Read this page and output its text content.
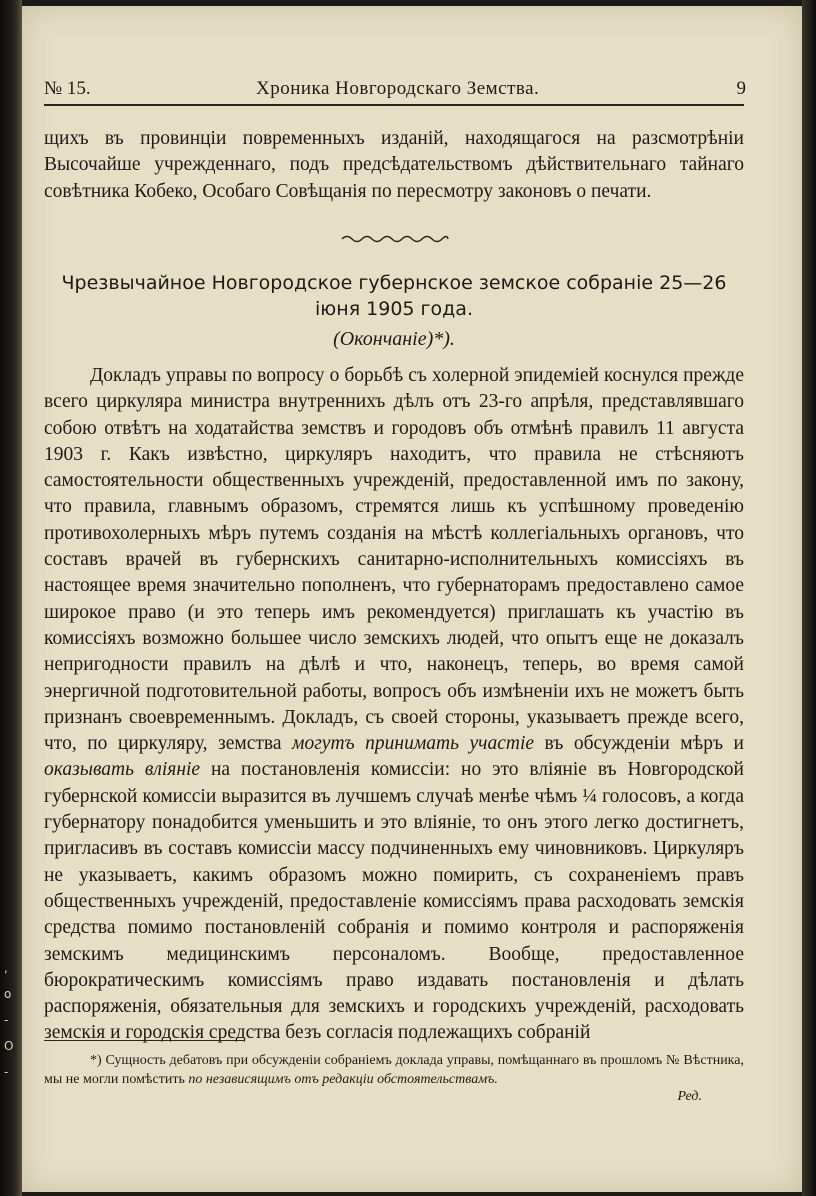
,
о
-
О
-
№ 15.	Хроника Новгородскаго Земства.	9
щихъ въ провинціи повременныхъ изданій, находящагося на разсмотрѣніи Высочайше учрежденнаго, подъ предсѣдательствомъ дѣйствительнаго тайнаго совѣтника Кобеко, Особаго Совѣщанія по пересмотру законовъ о печати.
Чрезвычайное Новгородское губернское земское собраніе 25—26 іюня 1905 года.
(Окончаніе)*).
Докладъ управы по вопросу о борьбѣ съ холерной эпидеміей коснулся прежде всего циркуляра министра внутреннихъ дѣлъ отъ 23-го апрѣля, представлявшаго собою отвѣтъ на ходатайства земствъ и городовъ объ отмѣнѣ правилъ 11 августа 1903 г. Какъ извѣстно, циркуляръ находитъ, что правила не стѣсняютъ самостоятельности общественныхъ учрежденій, предоставленной имъ по закону, что правила, главнымъ образомъ, стремятся лишь къ успѣшному проведенію противохолерныхъ мѣръ путемъ созданія на мѣстѣ коллегіальныхъ органовъ, что составъ врачей въ губернскихъ санитарно-исполнительныхъ комиссіяхъ въ настоящее время значительно пополненъ, что губернаторамъ предоставлено самое широкое право (и это теперь имъ рекомендуется) приглашать къ участію въ комиссіяхъ возможно большее число земскихъ людей, что опытъ еще не доказалъ непригодности правилъ на дѣлѣ и что, наконецъ, теперь, во время самой энергичной подготовительной работы, вопросъ объ измѣненіи ихъ не можетъ быть признанъ своевременнымъ. Докладъ, съ своей стороны, указываетъ прежде всего, что, по циркуляру, земства могутъ принимать участіе въ обсужденіи мѣръ и оказывать вліяніе на постановленія комиссіи: но это вліяніе въ Новгородской губернской комиссіи выразится въ лучшемъ случаѣ менѣе чѣмъ ¼ голосовъ, а когда губернатору понадобится уменьшить и это вліяніе, то онъ этого легко достигнетъ, пригласивъ въ составъ комиссіи массу подчиненныхъ ему чиновниковъ. Циркуляръ не указываетъ, какимъ образомъ можно помирить, съ сохраненіемъ правъ общественныхъ учрежденій, предоставленіе комиссіямъ права расходовать земскія средства помимо постановленій собранія и помимо контроля и распоряженія земскимъ медицинскимъ персоналомъ. Вообще, предоставленное бюрократическимъ комиссіямъ право издавать постановленія и дѣлать распоряженія, обязательныя для земскихъ и городскихъ учрежденій, расходовать земскія и городскія средства безъ согласія подлежащихъ собраній
*) Сущность дебатовъ при обсужденіи собраніемъ доклада управы, помѣщаннаго въ прошломъ № Вѣстника, мы не могли помѣстить по независящимъ отъ редакціи обстоятельствамъ.
Ред.
